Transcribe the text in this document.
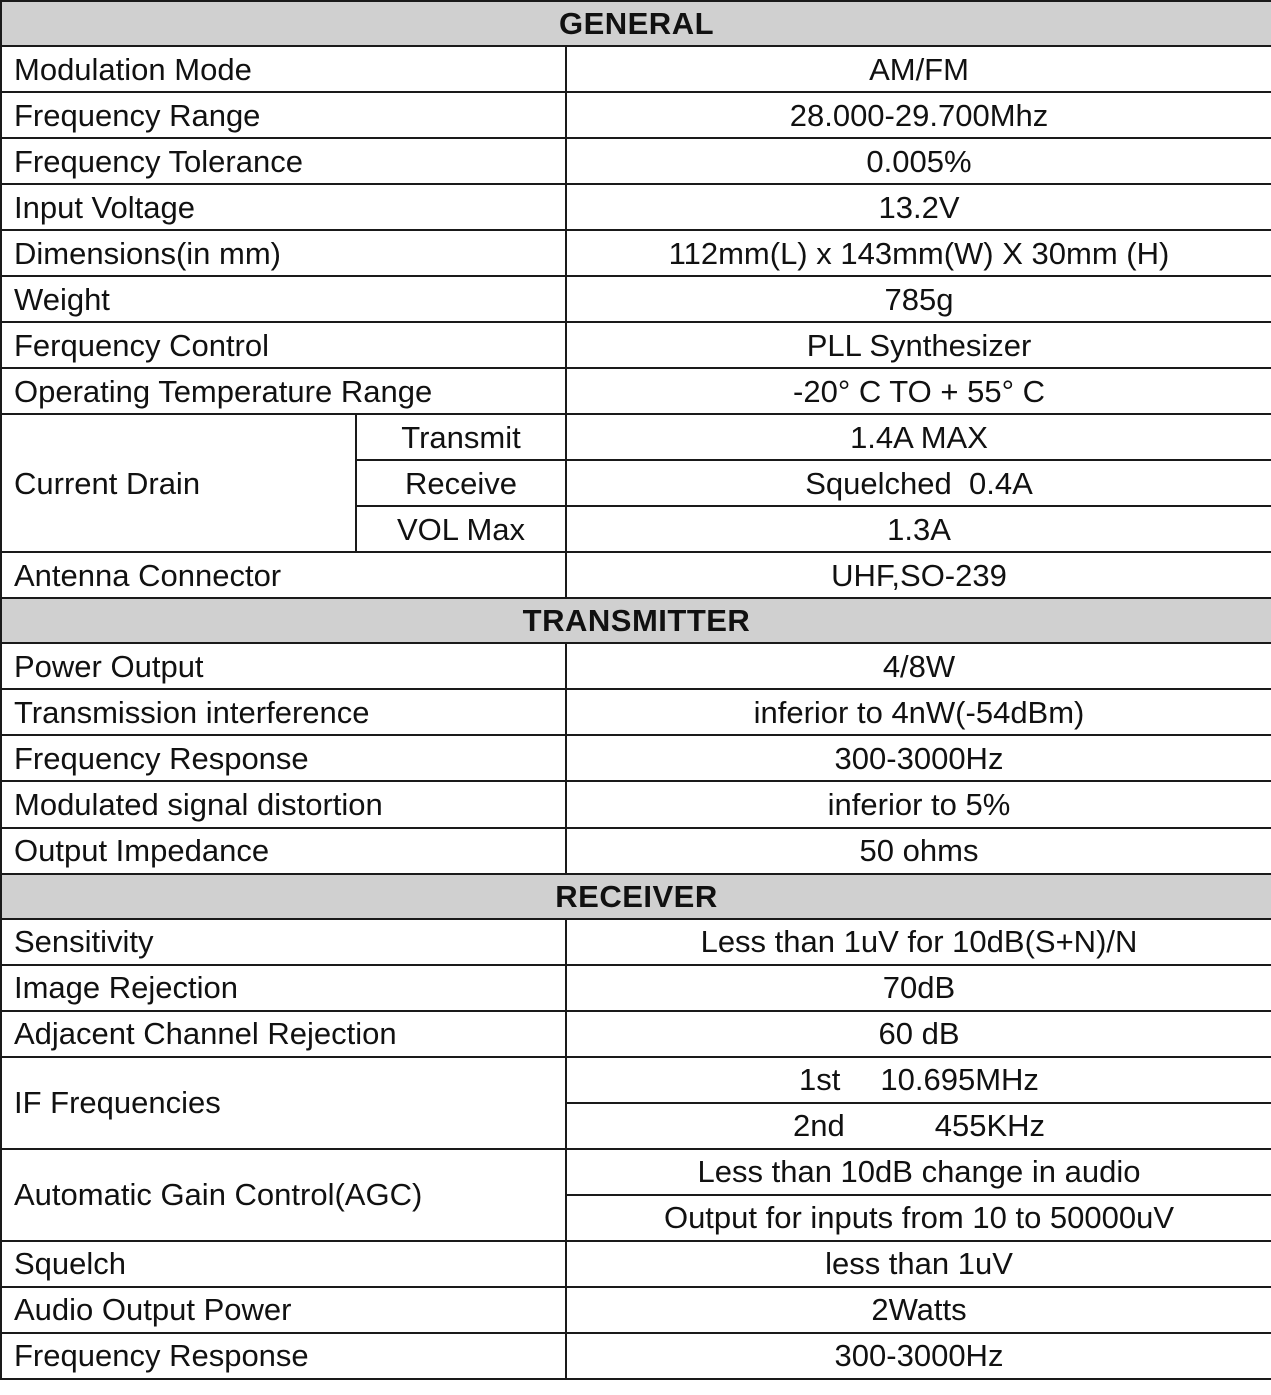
GENERAL		
Modulation Mode		AM/FM
Frequency Range		28.000-29.700Mhz
Frequency Tolerance		0.005%
Input Voltage		13.2V
Dimensions(in mm)		112mm(L) x 143mm(W) X 30mm (H)
Weight		785g
Ferquency Control		PLL Synthesizer
Operating Temperature Range		-20° C TO + 55° C
Current Drain	Transmit	1.4A MAX
	Receive	Squelched  0.4A
	VOL Max	1.3A
Antenna Connector		UHF,SO-239
TRANSMITTER		
Power Output		4/8W
Transmission interference		inferior to 4nW(-54dBm)
Frequency Response		300-3000Hz
Modulated signal distortion		inferior to 5%
Output Impedance		50 ohms
RECEIVER		
Sensitivity		Less than 1uV for 10dB(S+N)/N
Image Rejection		70dB
Adjacent Channel Rejection		60 dB
IF Frequencies		1st 10.695MHz
		2nd 455KHz
Automatic Gain Control(AGC)		Less than 10dB change in audio
		Output for inputs from 10 to 50000uV
Squelch		less than 1uV
Audio Output Power		2Watts
Frequency Response		300-3000Hz
